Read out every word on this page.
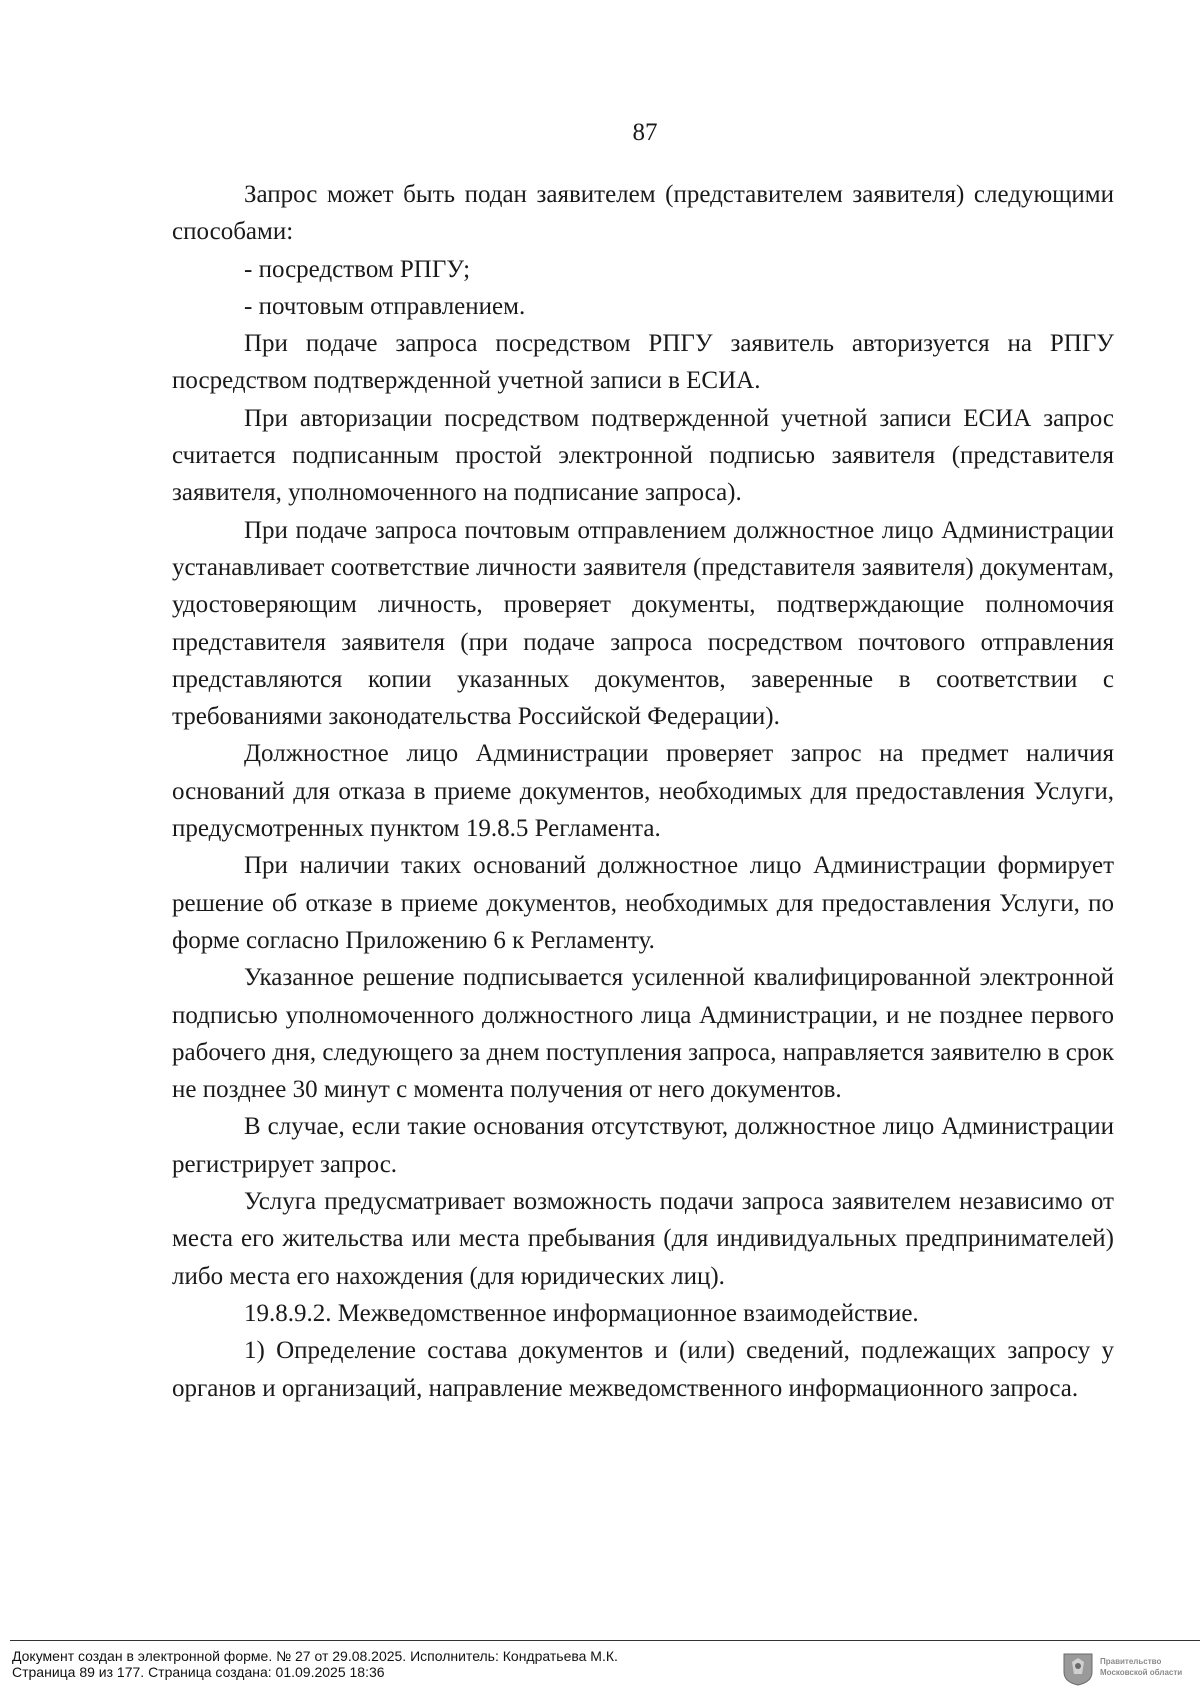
87

Запрос может быть подан заявителем (представителем заявителя) следующими способами:

- посредством РПГУ;

- почтовым отправлением.

При подаче запроса посредством РПГУ заявитель авторизуется на РПГУ посредством подтвержденной учетной записи в ЕСИА.

При авторизации посредством подтвержденной учетной записи ЕСИА запрос считается подписанным простой электронной подписью заявителя (представителя заявителя, уполномоченного на подписание запроса).

При подаче запроса почтовым отправлением должностное лицо Администрации устанавливает соответствие личности заявителя (представителя заявителя) документам, удостоверяющим личность, проверяет документы, подтверждающие полномочия представителя заявителя (при подаче запроса посредством почтового отправления представляются копии указанных документов, заверенные в соответствии с требованиями законодательства Российской Федерации).

Должностное лицо Администрации проверяет запрос на предмет наличия оснований для отказа в приеме документов, необходимых для предоставления Услуги, предусмотренных пунктом 19.8.5 Регламента.

При наличии таких оснований должностное лицо Администрации формирует решение об отказе в приеме документов, необходимых для предоставления Услуги, по форме согласно Приложению 6 к Регламенту.

Указанное решение подписывается усиленной квалифицированной электронной подписью уполномоченного должностного лица Администрации, и не позднее первого рабочего дня, следующего за днем поступления запроса, направляется заявителю в срок не позднее 30 минут с момента получения от него документов.

В случае, если такие основания отсутствуют, должностное лицо Администрации регистрирует запрос.

Услуга предусматривает возможность подачи запроса заявителем независимо от места его жительства или места пребывания (для индивидуальных предпринимателей) либо места его нахождения (для юридических лиц).

19.8.9.2. Межведомственное информационное взаимодействие.

1) Определение состава документов и (или) сведений, подлежащих запросу у органов и организаций, направление межведомственного информационного запроса.

Документ создан в электронной форме. № 27 от 29.08.2025. Исполнитель: Кондратьева М.К.
Страница 89 из 177. Страница создана: 01.09.2025 18:36
Правительство
Московской области
